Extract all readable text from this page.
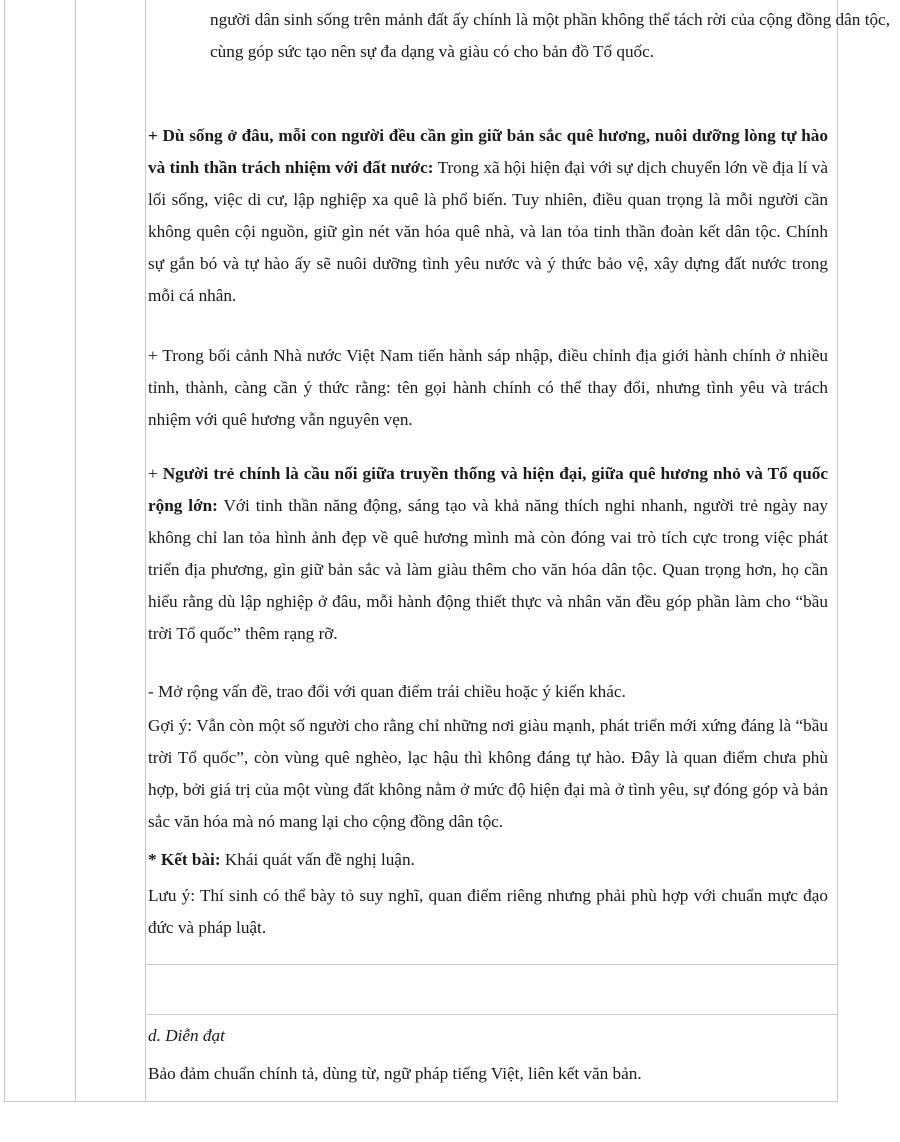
người dân sinh sống trên mảnh đất ấy chính là một phần không thể tách rời của cộng đồng dân tộc, cùng góp sức tạo nên sự đa dạng và giàu có cho bản đồ Tổ quốc.

+ Dù sống ở đâu, mỗi con người đều cần gìn giữ bản sắc quê hương, nuôi dưỡng lòng tự hào và tinh thần trách nhiệm với đất nước: Trong xã hội hiện đại với sự dịch chuyển lớn về địa lí và lối sống, việc di cư, lập nghiệp xa quê là phổ biến. Tuy nhiên, điều quan trọng là mỗi người cần không quên cội nguồn, giữ gìn nét văn hóa quê nhà, và lan tỏa tinh thần đoàn kết dân tộc. Chính sự gắn bó và tự hào ấy sẽ nuôi dưỡng tình yêu nước và ý thức bảo vệ, xây dựng đất nước trong mỗi cá nhân.

+ Trong bối cảnh Nhà nước Việt Nam tiến hành sáp nhập, điều chỉnh địa giới hành chính ở nhiều tỉnh, thành, càng cần ý thức rằng: tên gọi hành chính có thể thay đổi, nhưng tình yêu và trách nhiệm với quê hương vẫn nguyên vẹn.

+ Người trẻ chính là cầu nối giữa truyền thống và hiện đại, giữa quê hương nhỏ và Tổ quốc rộng lớn: Với tinh thần năng động, sáng tạo và khả năng thích nghi nhanh, người trẻ ngày nay không chỉ lan tỏa hình ảnh đẹp về quê hương mình mà còn đóng vai trò tích cực trong việc phát triển địa phương, gìn giữ bản sắc và làm giàu thêm cho văn hóa dân tộc. Quan trọng hơn, họ cần hiểu rằng dù lập nghiệp ở đâu, mỗi hành động thiết thực và nhân văn đều góp phần làm cho “bầu trời Tổ quốc” thêm rạng rỡ.

- Mở rộng vấn đề, trao đổi với quan điểm trái chiều hoặc ý kiến khác.

Gợi ý: Vẫn còn một số người cho rằng chỉ những nơi giàu mạnh, phát triển mới xứng đáng là “bầu trời Tổ quốc”, còn vùng quê nghèo, lạc hậu thì không đáng tự hào. Đây là quan điểm chưa phù hợp, bởi giá trị của một vùng đất không nằm ở mức độ hiện đại mà ở tình yêu, sự đóng góp và bản sắc văn hóa mà nó mang lại cho cộng đồng dân tộc.

* Kết bài: Khái quát vấn đề nghị luận.

Lưu ý: Thí sinh có thể bày tỏ suy nghĩ, quan điểm riêng nhưng phải phù hợp với chuẩn mực đạo đức và pháp luật.

d. Diễn đạt

Bảo đảm chuẩn chính tả, dùng từ, ngữ pháp tiếng Việt, liên kết văn bản.
